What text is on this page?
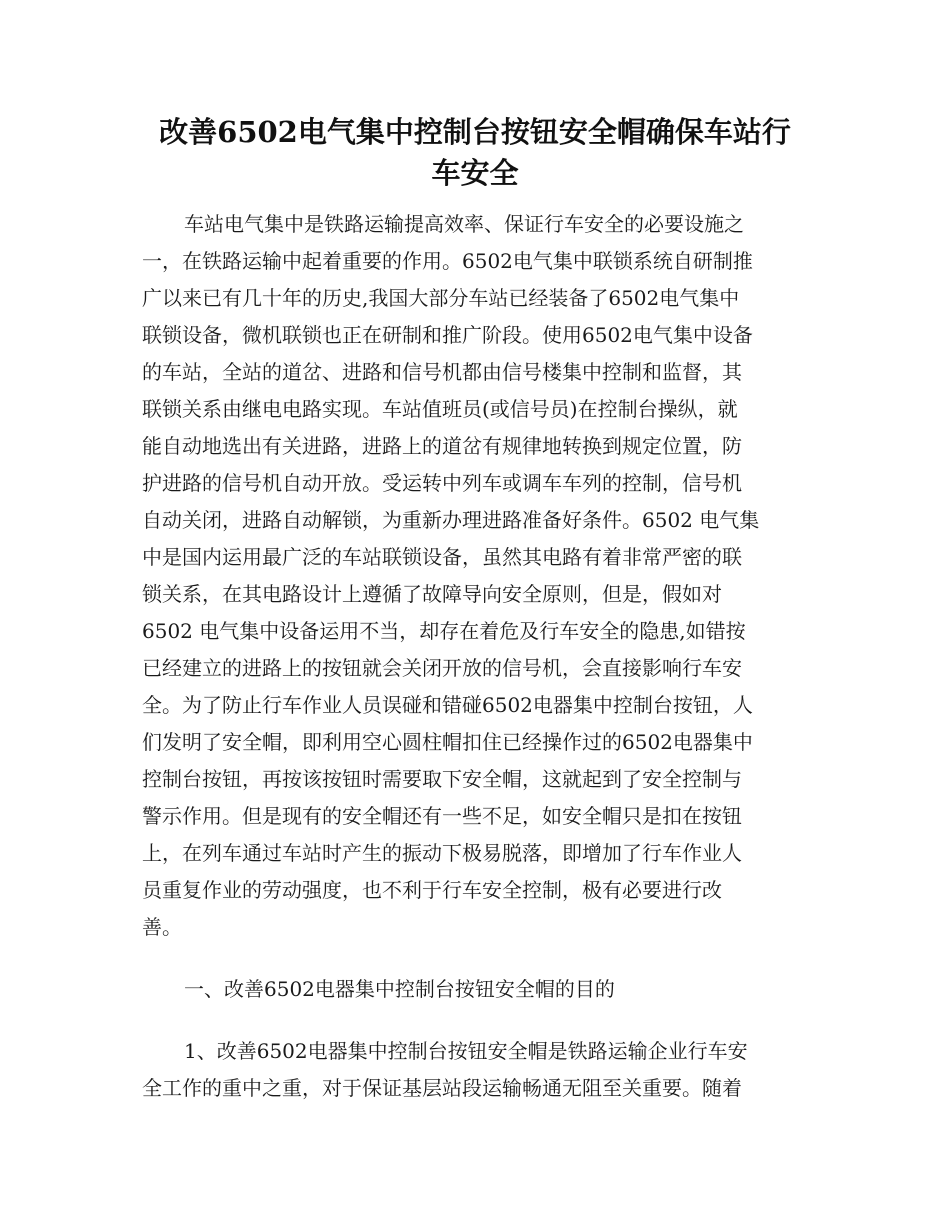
改善6502电气集中控制台按钮安全帽确保车站行
车安全
车站电气集中是铁路运输提高效率、保证行车安全的必要设施之
一，在铁路运输中起着重要的作用。6502电气集中联锁系统自研制推
广以来已有几十年的历史,我国大部分车站已经装备了6502电气集中
联锁设备，微机联锁也正在研制和推广阶段。使用6502电气集中设备
的车站，全站的道岔、进路和信号机都由信号楼集中控制和监督，其
联锁关系由继电电路实现。车站值班员(或信号员)在控制台操纵，就
能自动地选出有关进路，进路上的道岔有规律地转换到规定位置，防
护进路的信号机自动开放。受运转中列车或调车车列的控制，信号机
自动关闭，进路自动解锁，为重新办理进路准备好条件。6502 电气集
中是国内运用最广泛的车站联锁设备，虽然其电路有着非常严密的联
锁关系，在其电路设计上遵循了故障导向安全原则，但是，假如对
6502 电气集中设备运用不当，却存在着危及行车安全的隐患,如错按
已经建立的进路上的按钮就会关闭开放的信号机，会直接影响行车安
全。为了防止行车作业人员误碰和错碰6502电器集中控制台按钮，人
们发明了安全帽，即利用空心圆柱帽扣住已经操作过的6502电器集中
控制台按钮，再按该按钮时需要取下安全帽，这就起到了安全控制与
警示作用。但是现有的安全帽还有一些不足，如安全帽只是扣在按钮
上，在列车通过车站时产生的振动下极易脱落，即增加了行车作业人
员重复作业的劳动强度，也不利于行车安全控制，极有必要进行改
善。
一、改善6502电器集中控制台按钮安全帽的目的
1、改善6502电器集中控制台按钮安全帽是铁路运输企业行车安
全工作的重中之重，对于保证基层站段运输畅通无阻至关重要。随着
